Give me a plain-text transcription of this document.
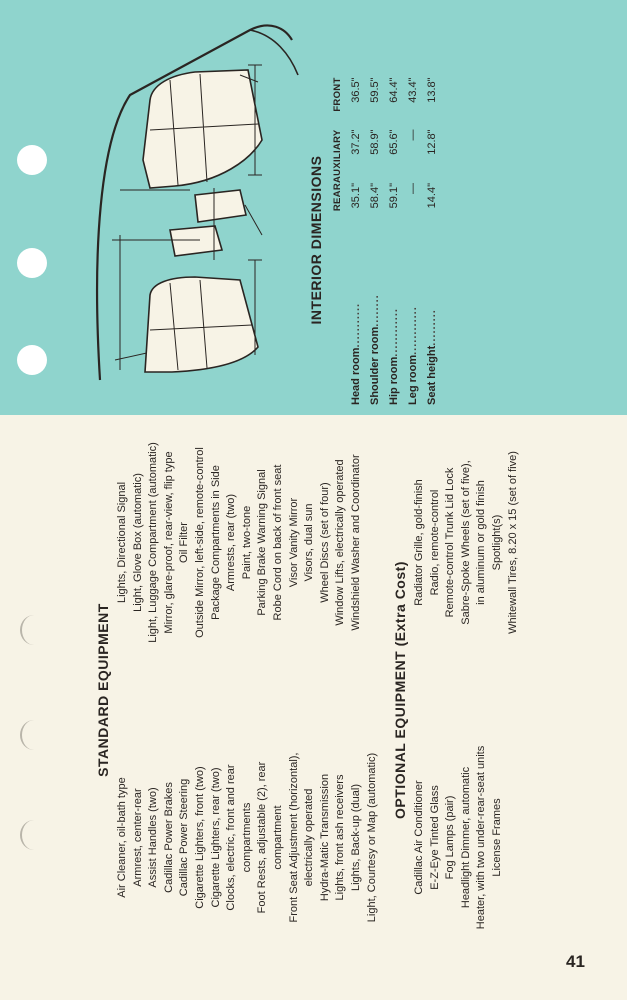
INTERIOR DIMENSIONS
	REAR	AUXILIARY	FRONT
Head room...........	35.1"	37.2"	36.5"
Shoulder room........	58.4"	58.9"	59.5"
Hip room............	59.1"	65.6"	64.4"
Leg room............	—	—	43.4"
Seat height.........	14.4"	12.8"	13.8"
STANDARD EQUIPMENT
Air Cleaner, oil-bath type Armrest, center-rear Assist Handles (two) Cadillac Power Brakes Cadillac Power Steering Cigarette Lighters, front (two) Cigarette Lighters, rear (two) Clocks, electric, front and rear compartments Foot Rests, adjustable (2), rear compartment Front Seat Adjustment (horizontal), electrically operated Hydra-Matic Transmission Lights, front ash receivers Lights, Back-up (dual) Light, Courtesy or Map (automatic)
Lights, Directional Signal Light, Glove Box (automatic) Light, Luggage Compartment (automatic) Mirror, glare-proof, rear-view, flip type Oil Filter Outside Mirror, left-side, remote-control Package Compartments in Side Armrests, rear (two) Paint, two-tone Parking Brake Warning Signal Robe Cord on back of front seat Visor Vanity Mirror Visors, dual sun Wheel Discs (set of four) Window Lifts, electrically operated Windshield Washer and Coordinator
OPTIONAL EQUIPMENT (Extra Cost)
Cadillac Air Conditioner E-Z-Eye Tinted Glass Fog Lamps (pair) Headlight Dimmer, automatic Heater, with two under-rear-seat units License Frames
Radiator Grille, gold-finish Radio, remote-control Remote-control Trunk Lid Lock Sabre-Spoke Wheels (set of five), in aluminum or gold finish Spotlight(s) Whitewall Tires, 8.20 x 15 (set of five)
41
